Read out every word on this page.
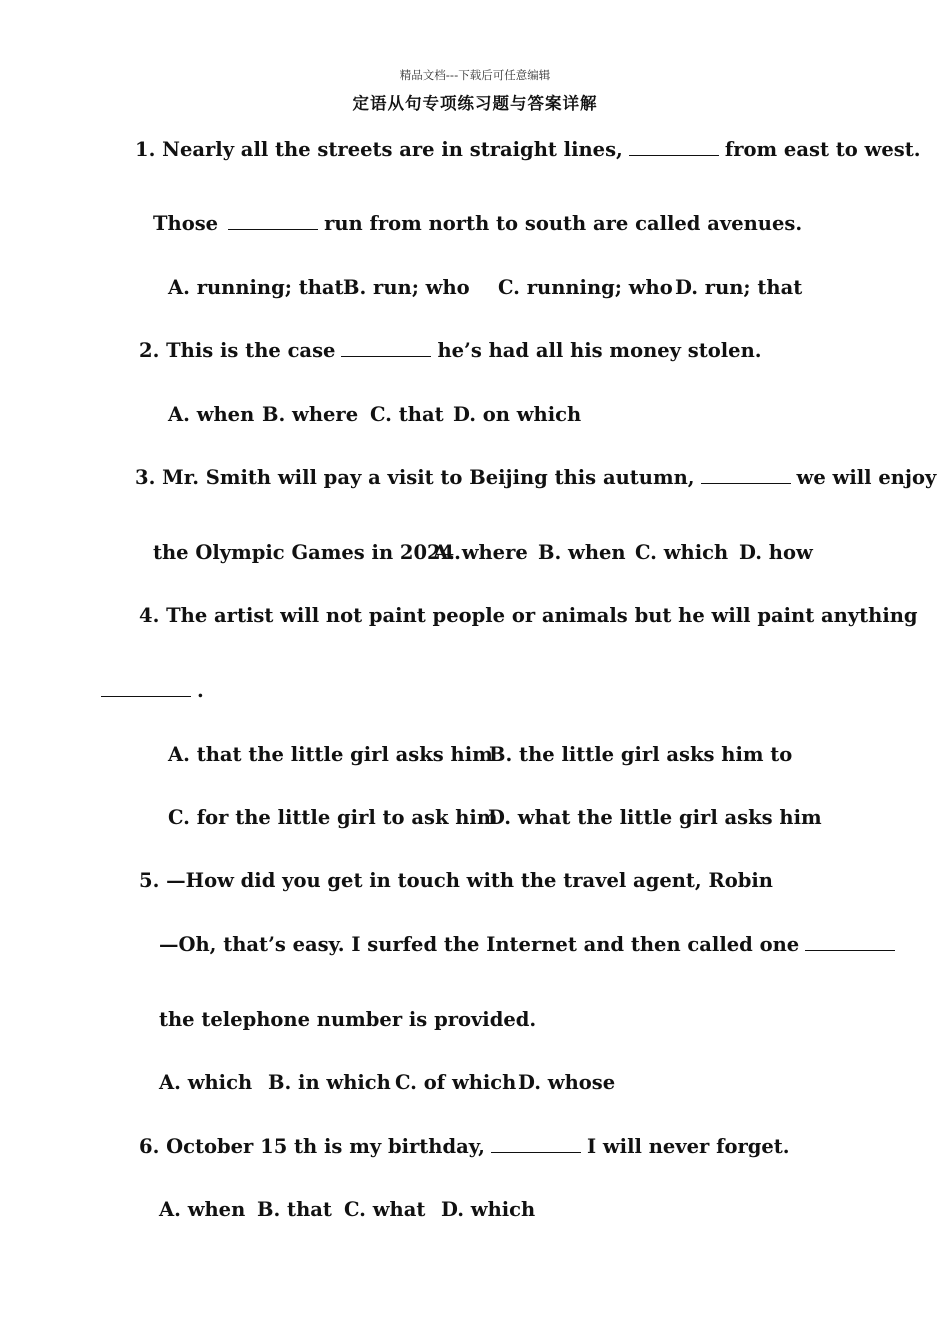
精品文档---下载后可任意编辑
定语从句专项练习题与答案详解
1. Nearly all the streets are in straight lines,	from east to west.
Those	run from north to south are called avenues.
A. running; that B. run; who C. running; who D. run; that
2. This is the case	he’s had all his money stolen.
A. when B. where C. that D. on which
3. Mr. Smith will pay a visit to Beijing this autumn,	we will enjoy
the Olympic Games in 2024.
A. where B. when C. which D. how
4. The artist will not paint people or animals but he will paint anything
.
A. that the little girl asks him
B. the little girl asks him to
C. for the little girl to ask him
D. what the little girl asks him
5. —How did you get in touch with the travel agent, Robin
—Oh, that’s easy. I surfed the Internet and then called one
the telephone number is provided.
A. which B. in which C. of which D. whose
6. October 15 th is my birthday,	I will never forget.
A. when B. that C. what D. which
